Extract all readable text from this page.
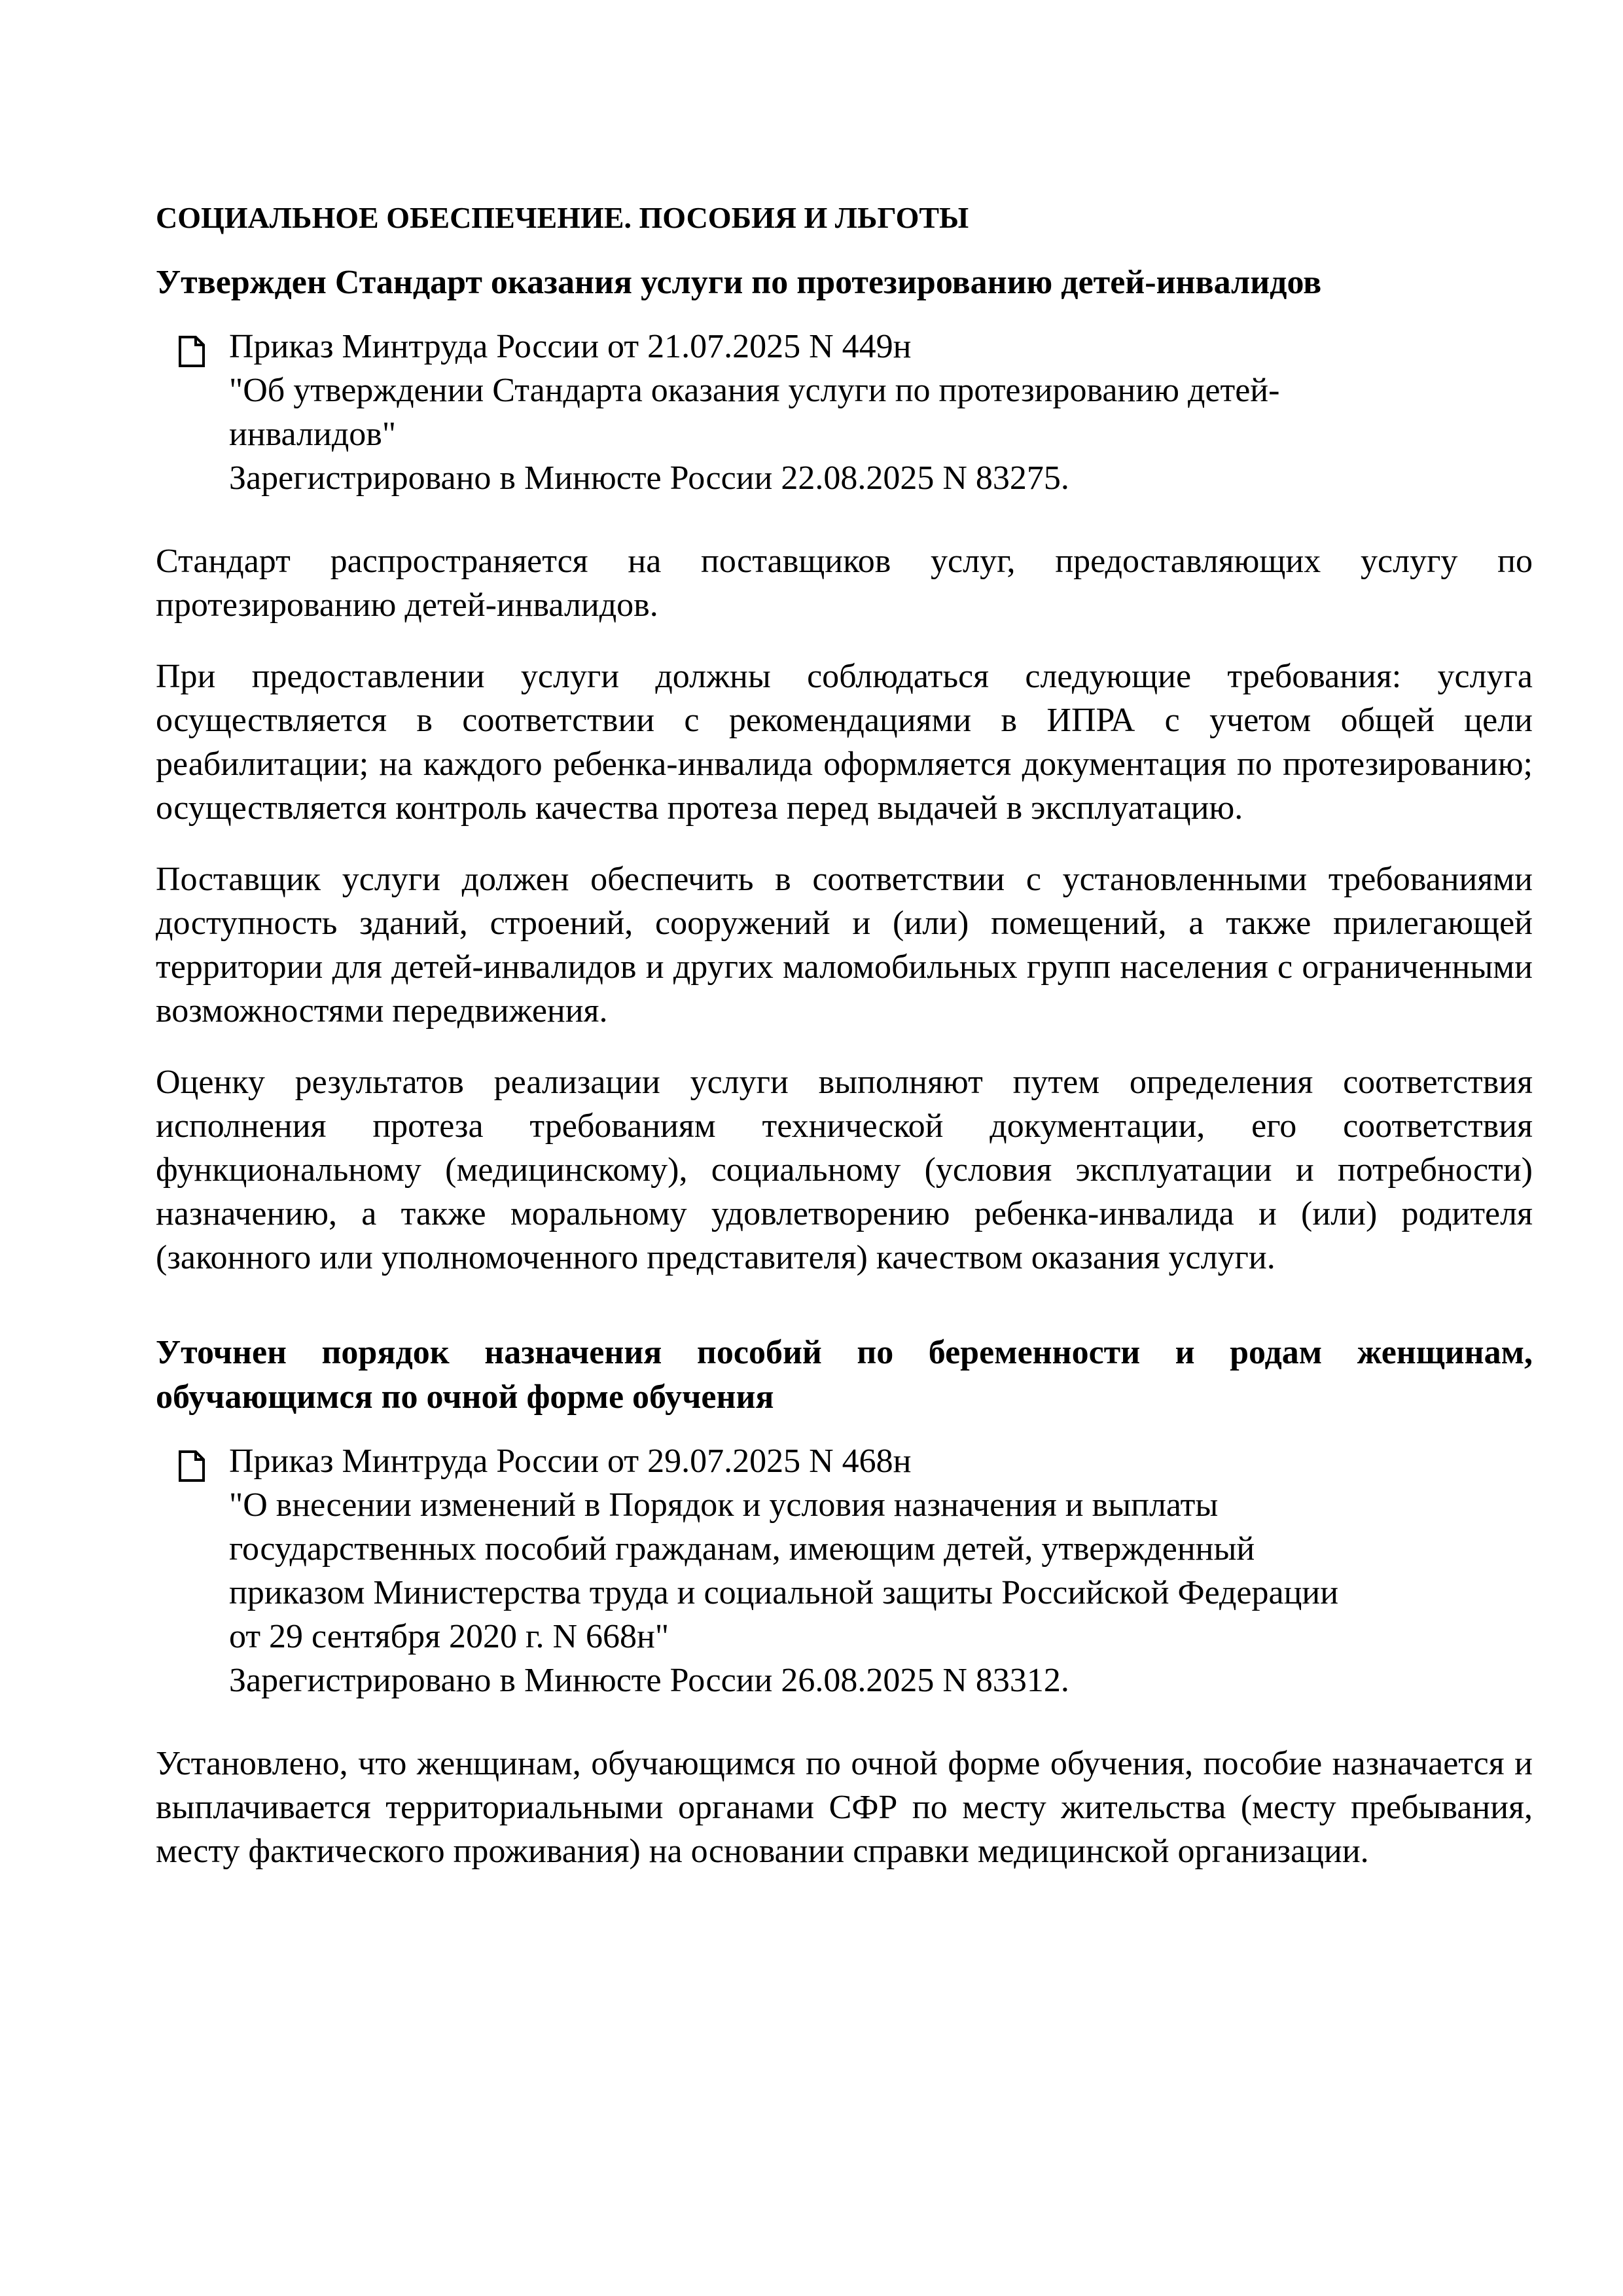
СОЦИАЛЬНОЕ ОБЕСПЕЧЕНИЕ. ПОСОБИЯ И ЛЬГОТЫ
Утвержден Стандарт оказания услуги по протезированию детей-инвалидов
Приказ Минтруда России от 21.07.2025 N 449н
"Об утверждении Стандарта оказания услуги по протезированию детей-
инвалидов"
Зарегистрировано в Минюсте России 22.08.2025 N 83275.
Стандарт распространяется на поставщиков услуг, предоставляющих услугу по протезированию детей-инвалидов.
При предоставлении услуги должны соблюдаться следующие требования: услуга осуществляется в соответствии с рекомендациями в ИПРА с учетом общей цели реабилитации; на каждого ребенка-инвалида оформляется документация по протезированию; осуществляется контроль качества протеза перед выдачей в эксплуатацию.
Поставщик услуги должен обеспечить в соответствии с установленными требованиями доступность зданий, строений, сооружений и (или) помещений, а также прилегающей территории для детей-инвалидов и других маломобильных групп населения с ограниченными возможностями передвижения.
Оценку результатов реализации услуги выполняют путем определения соответствия исполнения протеза требованиям технической документации, его соответствия функциональному (медицинскому), социальному (условия эксплуатации и потребности) назначению, а также моральному удовлетворению ребенка-инвалида и (или) родителя (законного или уполномоченного представителя) качеством оказания услуги.
Уточнен порядок назначения пособий по беременности и родам женщинам, обучающимся по очной форме обучения
Приказ Минтруда России от 29.07.2025 N 468н
"О внесении изменений в Порядок и условия назначения и выплаты
государственных пособий гражданам, имеющим детей, утвержденный
приказом Министерства труда и социальной защиты Российской Федерации
от 29 сентября 2020 г. N 668н"
Зарегистрировано в Минюсте России 26.08.2025 N 83312.
Установлено, что женщинам, обучающимся по очной форме обучения, пособие назначается и выплачивается территориальными органами СФР по месту жительства (месту пребывания, месту фактического проживания) на основании справки медицинской организации.
